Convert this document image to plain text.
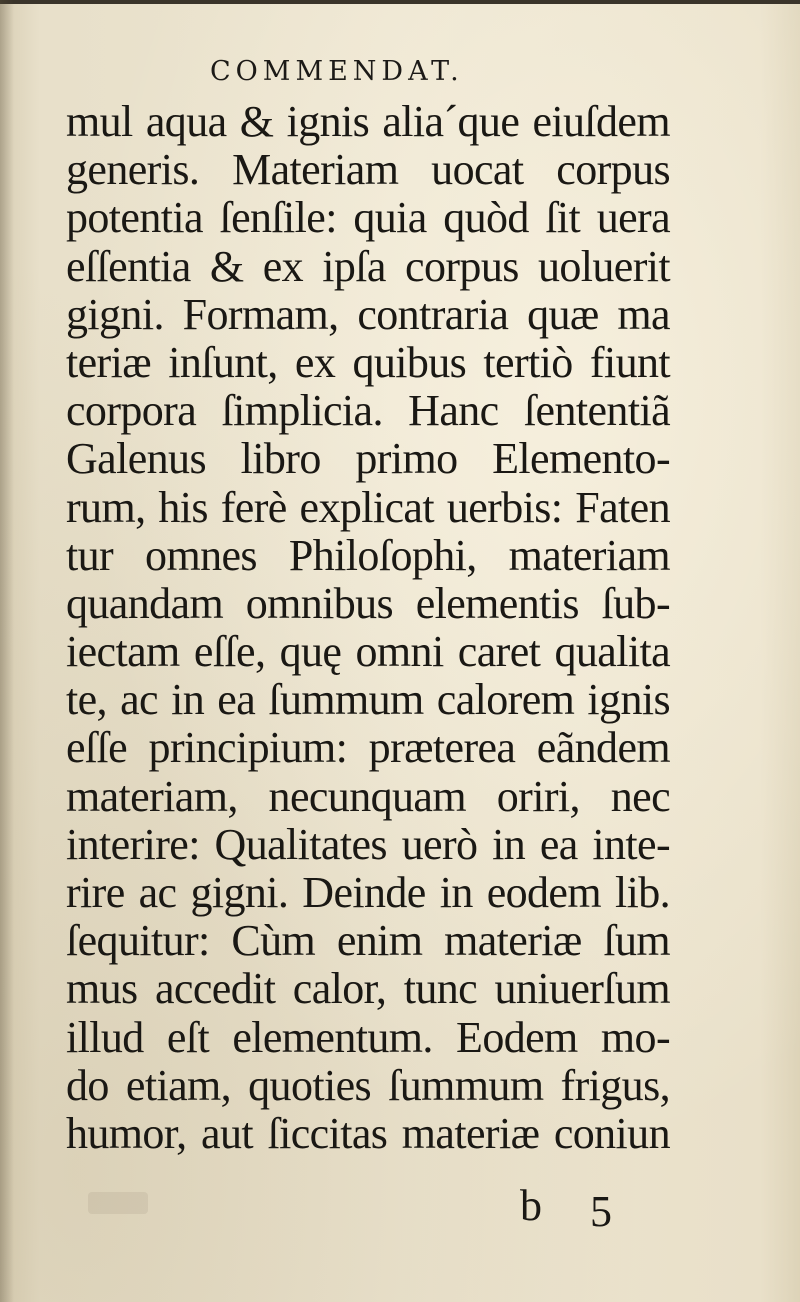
COMMENDAT.
mul aqua & ignis alia´que eiuſdem
generis. Materiam uocat corpus
potentia ſenſile: quia quòd ſit uera
eſſentia & ex ipſa corpus uoluerit
gigni. Formam, contraria quæ ma
teriæ inſunt, ex quibus tertiò fiunt
corpora ſimplicia. Hanc ſententiã
Galenus libro primo Elemento-
rum, his ferè explicat uerbis: Faten
tur omnes Philoſophi, materiam
quandam omnibus elementis ſub-
iectam eſſe, quę omni caret qualita
te, ac in ea ſummum calorem ignis
eſſe principium: præterea eãndem
materiam, necunquam oriri, nec
interire: Qualitates uerò in ea inte-
rire ac gigni. Deinde in eodem lib.
ſequitur: Cùm enim materiæ ſum
mus accedit calor, tunc uniuerſum
illud eſt elementum. Eodem mo-
do etiam, quoties ſummum frigus,
humor, aut ſiccitas materiæ coniun
b 5
